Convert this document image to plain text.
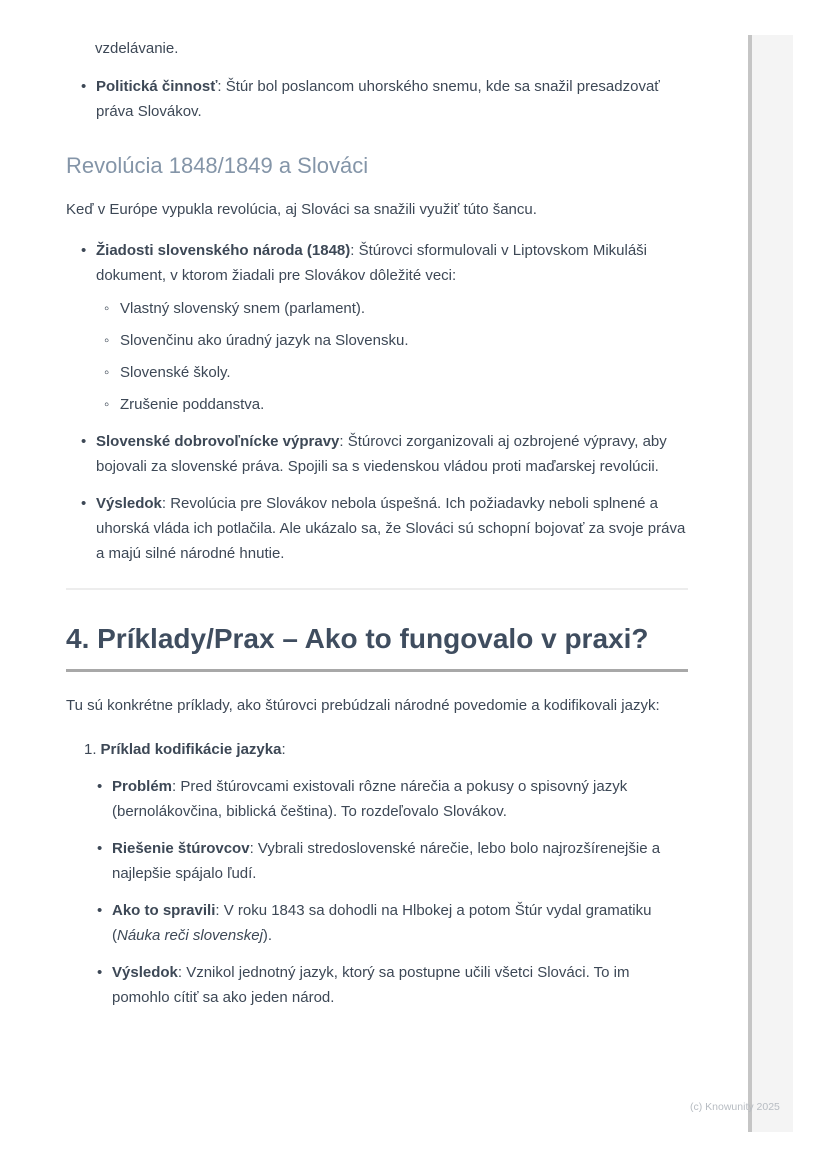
vzdelávanie.
• Politická činnosť: Štúr bol poslancom uhorského snemu, kde sa snažil presadzovať práva Slovákov.
Revolúcia 1848/1849 a Slováci

Keď v Európe vypukla revolúcia, aj Slováci sa snažili využiť túto šancu.

• Žiadosti slovenského národa (1848): Štúrovci sformulovali v Liptovskom Mikuláši dokument, v ktorom žiadali pre Slovákov dôležité veci:
◦ Vlastný slovenský snem (parlament).
◦ Slovenčinu ako úradný jazyk na Slovensku.
◦ Slovenské školy.
◦ Zrušenie poddanstva.
• Slovenské dobrovoľnícke výpravy: Štúrovci zorganizovali aj ozbrojené výpravy, aby bojovali za slovenské práva. Spojili sa s viedenskou vládou proti maďarskej revolúcii.
• Výsledok: Revolúcia pre Slovákov nebola úspešná. Ich požiadavky neboli splnené a uhorská vláda ich potlačila. Ale ukázalo sa, že Slováci sú schopní bojovať za svoje práva a majú silné národné hnutie.
4. Príklady/Prax – Ako to fungovalo v praxi?

Tu sú konkrétne príklady, ako štúrovci prebúdzali národné povedomie a kodifikovali jazyk:

1. Príklad kodifikácie jazyka:
• Problém: Pred štúrovcami existovali rôzne nárečia a pokusy o spisovný jazyk (bernolákovčina, biblická čeština). To rozdeľovalo Slovákov.
• Riešenie štúrovcov: Vybrali stredoslovenské nárečie, lebo bolo najrozšírenejšie a najlepšie spájalo ľudí.
• Ako to spravili: V roku 1843 sa dohodli na Hlbokej a potom Štúr vydal gramatiku (Náuka reči slovenskej).
• Výsledok: Vznikol jednotný jazyk, ktorý sa postupne učili všetci Slováci. To im pomohlo cítiť sa ako jeden národ.
(c) Knowunity 2025
